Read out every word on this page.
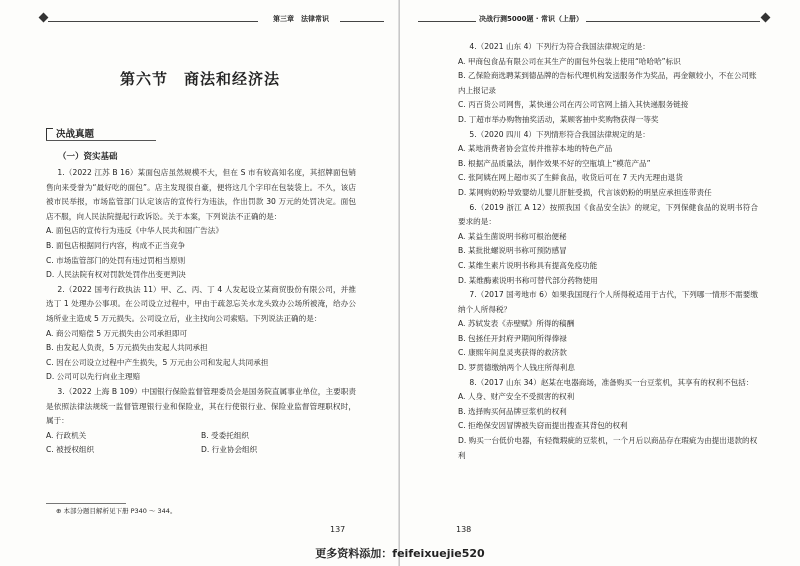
第三章　法律常识
第六节　商法和经济法
决战真题
（一）资实基础

1.（2022 江苏 B 16）某面包店虽然规模不大，但在 S 市有较高知名度，其招牌面包销售向来受誉为“最好吃的面包”。店主发现很自豪，便将这几个字印在包装袋上。不久，该店被市民举报，市场监管部门认定该店的宣传行为违法，作出罚款 30 万元的处罚决定。面包店不服，向人民法院提起行政诉讼。关于本案，下列说法不正确的是：

A. 面包店的宣传行为违反《中华人民共和国广告法》

B. 面包店根据同行内容，构成不正当竞争

C. 市场监管部门的处罚有违过罚相当原则

D. 人民法院有权对罚款处罚作出变更判决

2.（2022 国考行政执法 11）甲、乙、丙、丁 4 人发起设立某商贸股份有限公司，并推选丁 1 处理办公事项。在公司设立过程中，甲由于疏忽忘关水龙头致办公场所被淹，给办公场所业主造成 5 万元损失。公司设立后，业主找向公司索赔。下列说法正确的是：

A. 商公司赔偿 5 万元损失由公司承担即可

B. 由发起人负责，5 万元损失由发起人共同承担

C. 因在公司设立过程中产生损失，5 万元由公司和发起人共同承担

D. 公司可以先行向业主理赔

3.（2022 上海 B 109）中国银行保险监督管理委员会是国务院直属事业单位，主要职责是依照法律法规统一监督管理银行业和保险业，其在行使银行业、保险业监督管理职权时，属于：

A. 行政机关	B. 受委托组织

C. 被授权组织	D. 行业协会组织

⊕ 本部分题目解析见下册 P340 ～ 344。
137
决战行测5000题 · 常识（上册）

4.（2021 山东 4）下列行为符合我国法律规定的是：

A. 甲商包食品有限公司在其生产的面包外包装上使用“哈哈哈”标识

B. 乙保险商选聘某到德品牌的告标代理机构发送服务作为奖品，再金额较小，不在公司账内上报记录

C. 丙百货公司网售，某快递公司在丙公司官网上插入其快递服务链接

D. 丁超市举办购物抽奖活动，某顾客抽中奖购物获得一等奖

5.（2020 四川 4）下列情形符合我国法律规定的是：

A. 某地消费者协会宣传并推荐本地的特色产品

B. 根据产品质量法，制作效果不好的空瓶填上“模范产品”

C. 张阿姨在网上超市买了生鲜食品，收货后可在 7 天内无理由退货

D. 某网购奶粉导致婴幼儿婴儿肝脏受损，代言该奶粉的明星应承担连带责任

6.（2019 浙江 A 12）按照我国《食品安全法》的规定，下列保健食品的说明书符合要求的是：

A. 某益生菌说明书称可根治便秘

B. 某批批螺说明书称可预防感冒

C. 某维生素片说明书称具有提高免疫功能

D. 某维酶素说明书称可替代部分药物使用

7.（2017 国考地市 6）如果我国现行个人所得税适用于古代，下列哪一情形不需要缴纳个人所得税？

A. 苏轼发表《赤壁赋》所得的稿酬

B. 包拯任开封府尹期间所得俸禄

C. 康熙年间皇灵夷获得的救济款

D. 罗贯德缴纳两个人钱庄所得利息

8.（2017 山东 34）赵某在电器商场，准备购买一台豆浆机，其享有的权利不包括：

A. 人身、财产安全不受损害的权利

B. 选择购买何品牌豆浆机的权利

C. 拒绝保安因冒牌被失窃而提出搜查其背包的权利

D. 购买一台低价电器，有轻微瑕疵的豆浆机，一个月后以商品存在瑕疵为由提出退款的权利

138
更多资料添加：feifeixuejie520
